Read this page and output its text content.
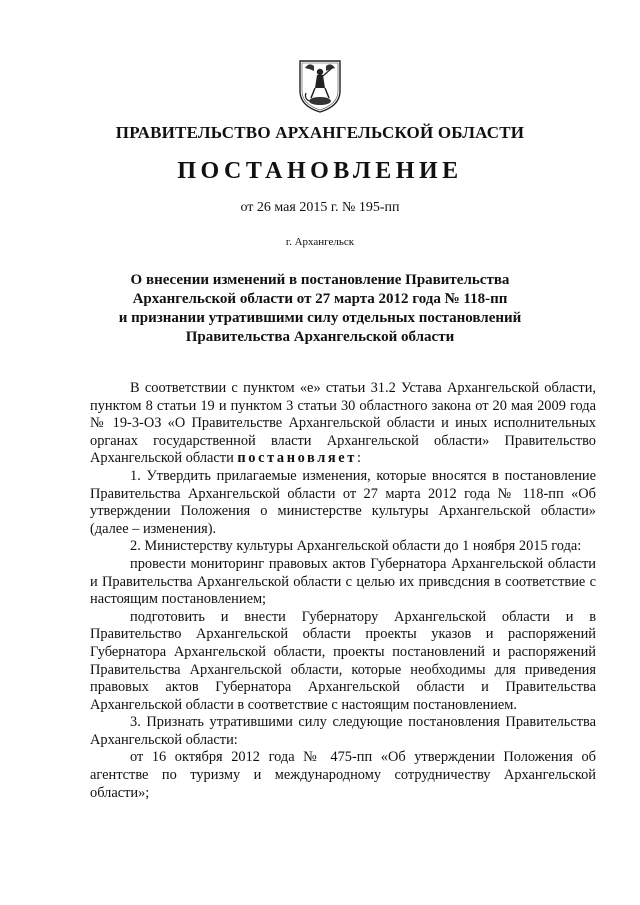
ПРАВИТЕЛЬСТВО АРХАНГЕЛЬСКОЙ ОБЛАСТИ
ПОСТАНОВЛЕНИЕ
от 26 мая 2015 г. № 195-пп
г. Архангельск
О внесении изменений в постановление Правительства
Архангельской области от 27 марта 2012 года № 118-пп
и признании утратившими силу отдельных постановлений
Правительства Архангельской области

В соответствии с пунктом «е» статьи 31.2 Устава Архангельской области, пунктом 8 статьи 19 и пунктом 3 статьи 30 областного закона от 20 мая 2009 года № 19-3-ОЗ «О Правительстве Архангельской области и иных исполнительных органах государственной власти Архангельской области» Правительство Архангельской области постановляет:

1. Утвердить прилагаемые изменения, которые вносятся в постановление Правительства Архангельской области от 27 марта 2012 года № 118-пп «Об утверждении Положения о министерстве культуры Архангельской области» (далее – изменения).

2. Министерству культуры Архангельской области до 1 ноября 2015 года:

провести мониторинг правовых актов Губернатора Архангельской области и Правительства Архангельской области с целью их привсдсния в соответствие с настоящим постановлением;

подготовить и внести Губернатору Архангельской области и в Правительство Архангельской области проекты указов и распоряжений Губернатора Архангельской области, проекты постановлений и распоряжений Правительства Архангельской области, которые необходимы для приведения правовых актов Губернатора Архангельской области и Правительства Архангельской области в соответствие с настоящим постановлением.

3. Признать утратившими силу следующие постановления Правительства Архангельской области:

от 16 октября 2012 года № 475-пп «Об утверждении Положения об агентстве по туризму и международному сотрудничеству Архангельской области»;
